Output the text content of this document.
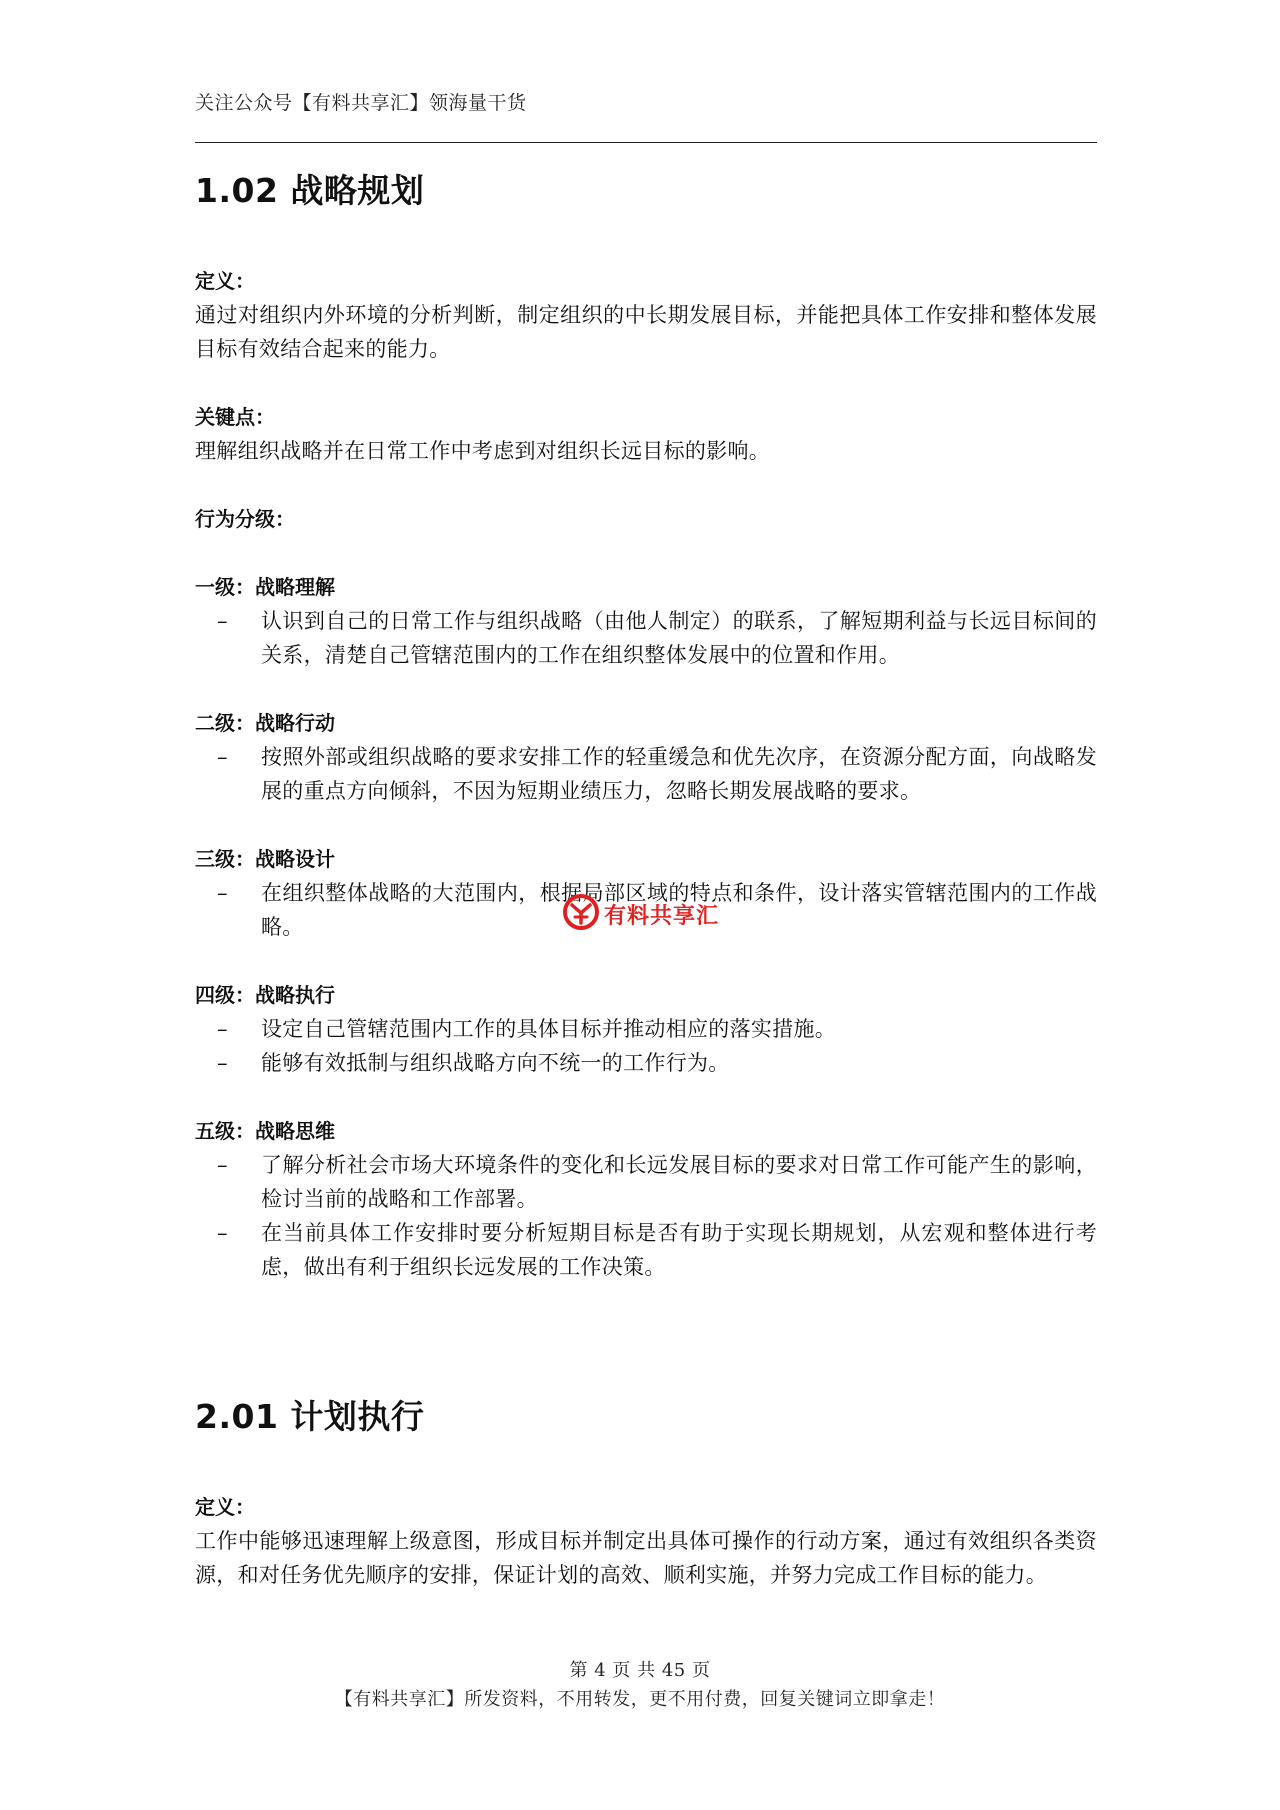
关注公众号【有料共享汇】领海量干货
1.02 战略规划

定义：

通过对组织内外环境的分析判断，制定组织的中长期发展目标，并能把具体工作安排和整体发展目标有效结合起来的能力。

关键点：

理解组织战略并在日常工作中考虑到对组织长远目标的影响。

行为分级：

一级：战略理解

–	认识到自己的日常工作与组织战略（由他人制定）的联系，了解短期利益与长远目标间的关系，清楚自己管辖范围内的工作在组织整体发展中的位置和作用。

二级：战略行动

–	按照外部或组织战略的要求安排工作的轻重缓急和优先次序，在资源分配方面，向战略发展的重点方向倾斜，不因为短期业绩压力，忽略长期发展战略的要求。

三级：战略设计

–	在组织整体战略的大范围内，根据局部区域的特点和条件，设计落实管辖范围内的工作战略。

四级：战略执行

–	设定自己管辖范围内工作的具体目标并推动相应的落实措施。
–	能够有效抵制与组织战略方向不统一的工作行为。

五级：战略思维

–	了解分析社会市场大环境条件的变化和长远发展目标的要求对日常工作可能产生的影响，检讨当前的战略和工作部署。
–	在当前具体工作安排时要分析短期目标是否有助于实现长期规划，从宏观和整体进行考虑，做出有利于组织长远发展的工作决策。
2.01 计划执行

定义：

工作中能够迅速理解上级意图，形成目标并制定出具体可操作的行动方案，通过有效组织各类资源，和对任务优先顺序的安排，保证计划的高效、顺利实施，并努力完成工作目标的能力。

有料共享汇
第 4 页 共 45 页
【有料共享汇】所发资料，不用转发，更不用付费，回复关键词立即拿走！
